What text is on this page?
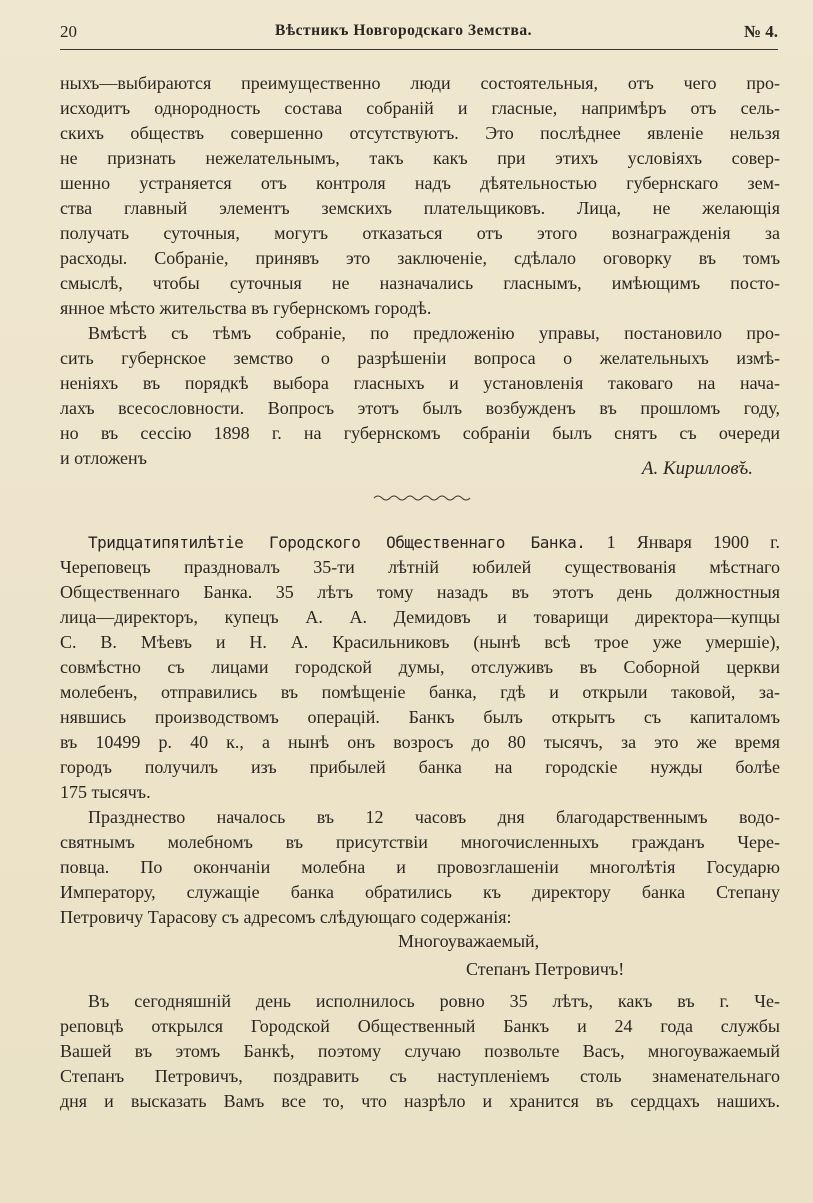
20	Вѣстникъ Новгородскаго Земства.	№ 4.
ныхъ—выбираются преимущественно люди состоятельныя, отъ чего про-
исходитъ однородность состава собраній и гласные, напримѣръ отъ сель-
скихъ обществъ совершенно отсутствуютъ. Это послѣднее явленіе нельзя
не признать нежелательнымъ, такъ какъ при этихъ условіяхъ совер-
шенно устраняется отъ контроля надъ дѣятельностью губернскаго зем-
ства главный элементъ земскихъ плательщиковъ. Лица, не желающія
получать суточныя, могутъ отказаться отъ этого вознагражденія за
расходы. Собраніе, принявъ это заключеніе, сдѣлало оговорку въ томъ
смыслѣ, чтобы суточныя не назначались гласнымъ, имѣющимъ посто-
янное мѣсто жительства въ губернскомъ городѣ.
Вмѣстѣ съ тѣмъ собраніе, по предложенію управы, постановило про-
сить губернское земство о разрѣшеніи вопроса о желательныхъ измѣ-
неніяхъ въ порядкѣ выбора гласныхъ и установленія таковаго на нача-
лахъ всесословности. Вопросъ этотъ былъ возбужденъ въ прошломъ году,
но въ сессію 1898 г. на губернскомъ собраніи былъ снятъ съ очереди
и отложенъ	А. Кириллов̆ъ.
Тридцатипятилѣтіе Городского Общественнаго Банка. 1 Января 1900 г.
Череповецъ праздновалъ 35-ти лѣтній юбилей существованія мѣстнаго
Общественнаго Банка. 35 лѣтъ тому назадъ въ этотъ день должностныя
лица—директоръ, купецъ А. А. Демидовъ и товарищи директора—купцы
С. В. Мѣевъ и Н. А. Красильниковъ (нынѣ всѣ трое уже умершіе),
совмѣстно съ лицами городской думы, отслуживъ въ Соборной церкви
молебенъ, отправились въ помѣщеніе банка, гдѣ и открыли таковой, за-
нявшись производствомъ операцій. Банкъ былъ открытъ съ капиталомъ
въ 10499 р. 40 к., а нынѣ онъ возросъ до 80 тысячъ, за это же время
городъ получилъ изъ прибылей банка на городскіе нужды болѣе
175 тысячъ.
Празднество началось въ 12 часовъ дня благодарственнымъ водо-
святнымъ молебномъ въ присутствіи многочисленныхъ гражданъ Чере-
повца. По окончаніи молебна и провозглашеніи многолѣтія Государю
Императору, служащіе банка обратились къ директору банка Степану
Петровичу Тарасову съ адресомъ слѣдующаго содержанія:
Многоуважаемый,
Степанъ Петровичъ!
Въ сегодняшній день исполнилось ровно 35 лѣтъ, какъ въ г. Че-
реповцѣ открылся Городской Общественный Банкъ и 24 года службы
Вашей въ этомъ Банкѣ, поэтому случаю позвольте Васъ, многоуважаемый
Степанъ Петровичъ, поздравить съ наступленіемъ столь знаменательнаго
дня и высказать Вамъ все то, что назрѣло и хранится въ сердцахъ нашихъ.
